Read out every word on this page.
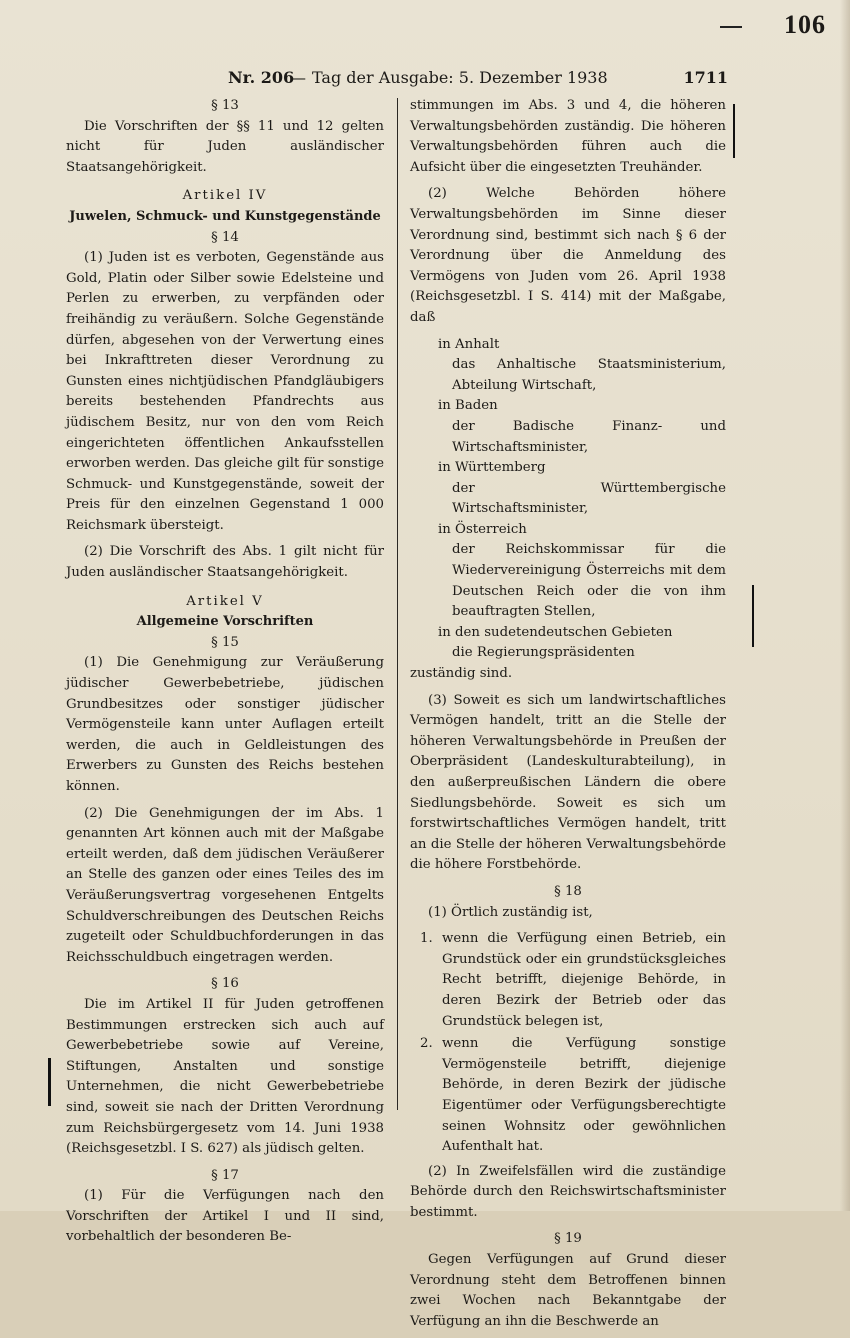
106
Nr. 206
— Tag der Ausgabe: 5. Dezember 1938	1711
§ 13

Die Vorschriften der §§ 11 und 12 gelten nicht für Juden ausländischer Staatsangehörigkeit.

Artikel IV
Juwelen, Schmuck- und Kunstgegenstände
§ 14

(1) Juden ist es verboten, Gegenstände aus Gold, Platin oder Silber sowie Edelsteine und Perlen zu erwerben, zu verpfänden oder freihändig zu veräußern. Solche Gegenstände dürfen, abgesehen von der Verwertung eines bei Inkrafttreten dieser Verordnung zu Gunsten eines nichtjüdischen Pfandgläubigers bereits bestehenden Pfandrechts aus jüdischem Besitz, nur von den vom Reich eingerichteten öffentlichen Ankaufsstellen erworben werden. Das gleiche gilt für sonstige Schmuck- und Kunstgegenstände, soweit der Preis für den einzelnen Gegenstand 1 000 Reichsmark übersteigt.

(2) Die Vorschrift des Abs. 1 gilt nicht für Juden ausländischer Staatsangehörigkeit.

Artikel V
Allgemeine Vorschriften
§ 15

(1) Die Genehmigung zur Veräußerung jüdischer Gewerbebetriebe, jüdischen Grundbesitzes oder sonstiger jüdischer Vermögensteile kann unter Auflagen erteilt werden, die auch in Geldleistungen des Erwerbers zu Gunsten des Reichs bestehen können.

(2) Die Genehmigungen der im Abs. 1 genannten Art können auch mit der Maßgabe erteilt werden, daß dem jüdischen Veräußerer an Stelle des ganzen oder eines Teiles des im Veräußerungsvertrag vorgesehenen Entgelts Schuldverschreibungen des Deutschen Reichs zugeteilt oder Schuldbuchforderungen in das Reichsschuldbuch eingetragen werden.

§ 16

Die im Artikel II für Juden getroffenen Bestimmungen erstrecken sich auch auf Gewerbebetriebe sowie auf Vereine, Stiftungen, Anstalten und sonstige Unternehmen, die nicht Gewerbebetriebe sind, soweit sie nach der Dritten Verordnung zum Reichsbürgergesetz vom 14. Juni 1938 (Reichsgesetzbl. I S. 627) als jüdisch gelten.

§ 17

(1) Für die Verfügungen nach den Vorschriften der Artikel I und II sind, vorbehaltlich der besonderen Be-

stimmungen im Abs. 3 und 4, die höheren Verwaltungsbehörden zuständig. Die höheren Verwaltungsbehörden führen auch die Aufsicht über die eingesetzten Treuhänder.

(2) Welche Behörden höhere Verwaltungsbehörden im Sinne dieser Verordnung sind, bestimmt sich nach § 6 der Verordnung über die Anmeldung des Vermögens von Juden vom 26. April 1938 (Reichsgesetzbl. I S. 414) mit der Maßgabe, daß

in Anhalt
das Anhaltische Staatsministerium, Abteilung Wirtschaft,
in Baden
der Badische Finanz- und Wirtschaftsminister,
in Württemberg
der Württembergische Wirtschaftsminister,
in Österreich
der Reichskommissar für die Wiedervereinigung Österreichs mit dem Deutschen Reich oder die von ihm beauftragten Stellen,
in den sudetendeutschen Gebieten
die Regierungspräsidenten

zuständig sind.

(3) Soweit es sich um landwirtschaftliches Vermögen handelt, tritt an die Stelle der höheren Verwaltungsbehörde in Preußen der Oberpräsident (Landeskulturabteilung), in den außerpreußischen Ländern die obere Siedlungsbehörde. Soweit es sich um forstwirtschaftliches Vermögen handelt, tritt an die Stelle der höheren Verwaltungsbehörde die höhere Forstbehörde.

§ 18

(1) Örtlich zuständig ist,

1. wenn die Verfügung einen Betrieb, ein Grundstück oder ein grundstücksgleiches Recht betrifft, diejenige Behörde, in deren Bezirk der Betrieb oder das Grundstück belegen ist,
2. wenn die Verfügung sonstige Vermögensteile betrifft, diejenige Behörde, in deren Bezirk der jüdische Eigentümer oder Verfügungsberechtigte seinen Wohnsitz oder gewöhnlichen Aufenthalt hat.

(2) In Zweifelsfällen wird die zuständige Behörde durch den Reichswirtschaftsminister bestimmt.

§ 19

Gegen Verfügungen auf Grund dieser Verordnung steht dem Betroffenen binnen zwei Wochen nach Bekanntgabe der Verfügung an ihn die Beschwerde an
